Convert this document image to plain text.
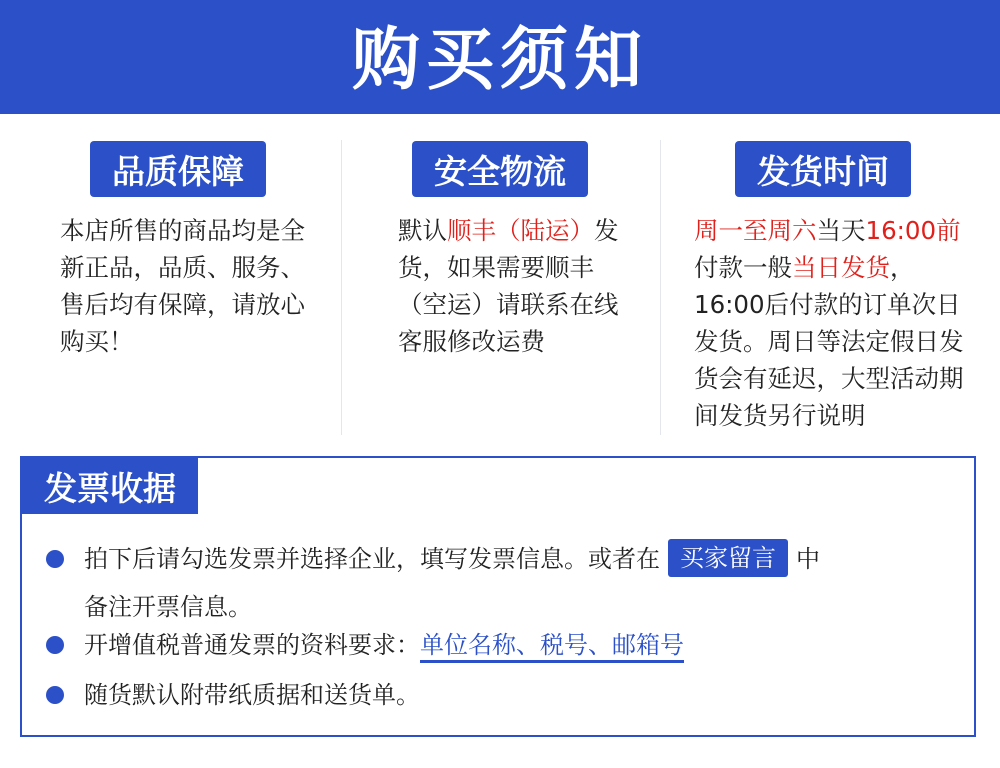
购买须知
品质保障
本店所售的商品均是全新正品，品质、服务、售后均有保障，请放心购买！
安全物流
默认顺丰（陆运）发货，如果需要顺丰（空运）请联系在线客服修改运费
发货时间
周一至周六当天16:00前付款一般当日发货，16:00后付款的订单次日发货。周日等法定假日发货会有延迟，大型活动期间发货另行说明
发票收据
拍下后请勾选发票并选择企业，填写发票信息。或者在 买家留言 中
备注开票信息。
开增值税普通发票的资料要求：单位名称、税号、邮箱号
随货默认附带纸质据和送货单。
